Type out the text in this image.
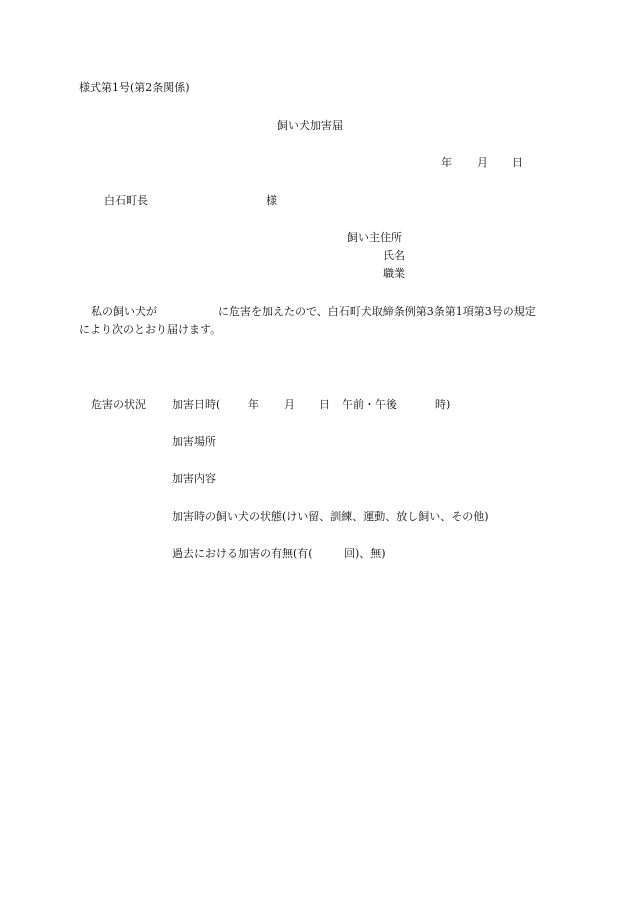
様式第1号(第2条関係)
飼い犬加害届
年 月 日
白石町長	様
飼い主住所
氏名
職業
私の飼い犬が	に危害を加えたので、白石町犬取締条例第3条第1項第3号の規定
により次のとおり届けます。
危害の状況 加害日時(	年 月 日 午前・午後	時)
加害場所
加害内容
加害時の飼い犬の状態(けい留、訓練、運動、放し飼い、その他)
過去における加害の有無(有(	回)、無)
